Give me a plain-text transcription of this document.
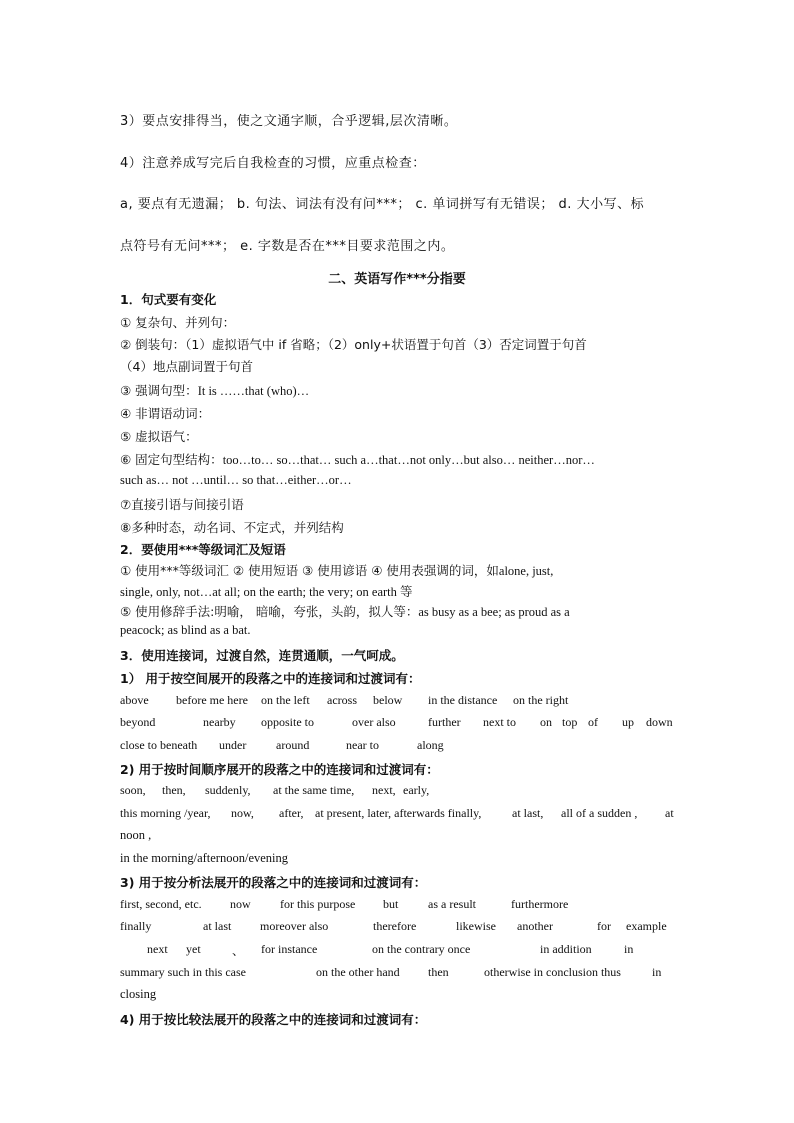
3）要点安排得当，使之文通字顺，合乎逻辑,层次清晰。
4）注意养成写完后自我检查的习惯，应重点检查：
a, 要点有无遗漏； b. 句法、词法有没有问***； c. 单词拼写有无错误； d. 大小写、标
点符号有无问***； e. 字数是否在***目要求范围之内。
二、英语写作***分指要
1．句式要有变化
① 复杂句、并列句：
② 倒装句：（1）虚拟语气中 if 省略；（2）only+状语置于句首（3）否定词置于句首
（4）地点副词置于句首
③ 强调句型：It is ……that (who)…
④ 非谓语动词：
⑤ 虚拟语气：
⑥ 固定句型结构：too…to… so…that… such a…that…not only…but also… neither…nor…
such as… not …until… so that…either…or…
⑦直接引语与间接引语
⑧多种时态，动名词、不定式，并列结构
2．要使用***等级词汇及短语
① 使用***等级词汇 ② 使用短语 ③ 使用谚语 ④ 使用表强调的词，如alone, just,
single, only, not…at all; on the earth; the very; on earth 等
⑤ 使用修辞手法:明喻， 暗喻，夸张，头韵，拟人等：as busy as a bee; as proud as a
peacock; as blind as a bat.
3．使用连接词，过渡自然，连贯通顺，一气呵成。
1） 用于按空间展开的段落之中的连接词和过渡词有：
above before me here on the left across below in the distance on the right
beyond	nearby opposite to	over also	further next to on top of up down
close to beneath under around	near to	along
2) 用于按时间顺序展开的段落之中的连接词和过渡词有：
soon, then, suddenly, at the same time, next, early,
this morning /year, now, after, at present, later, afterwards finally,	at last, all of a sudden , at
noon ,
in the morning/afternoon/evening
3) 用于按分析法展开的段落之中的连接词和过渡词有：
first, second, etc. now for this purpose but as a result	furthermore
finally	at last moreover also	therefore	likewise another	for example
next yet	、 for instance	on the contrary once	in addition	in
summary such in this case	on the other hand then	otherwise in conclusion thus	in
closing
4) 用于按比较法展开的段落之中的连接词和过渡词有：
